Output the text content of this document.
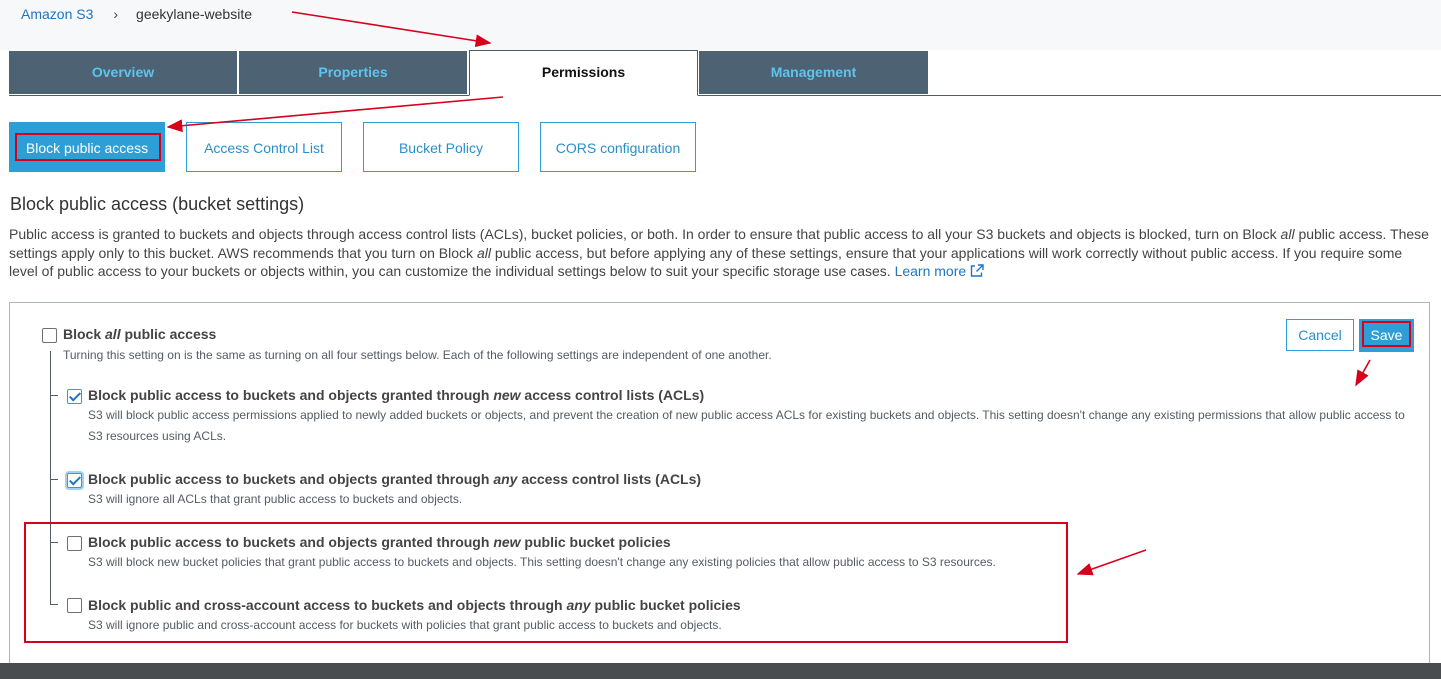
Amazon S3 › geekylane-website
Overview	Properties	Permissions	Management
Block public access	Access Control List	Bucket Policy	CORS configuration
Block public access (bucket settings)
Public access is granted to buckets and objects through access control lists (ACLs), bucket policies, or both. In order to ensure that public access to all your S3 buckets and objects is blocked, turn on Block all public access. These settings apply only to this bucket. AWS recommends that you turn on Block all public access, but before applying any of these settings, ensure that your applications will work correctly without public access. If you require some level of public access to your buckets or objects within, you can customize the individual settings below to suit your specific storage use cases. Learn more
Cancel	Save
Block all public access
Turning this setting on is the same as turning on all four settings below. Each of the following settings are independent of one another.
Block public access to buckets and objects granted through new access control lists (ACLs)
S3 will block public access permissions applied to newly added buckets or objects, and prevent the creation of new public access ACLs for existing buckets and objects. This setting doesn't change any existing permissions that allow public access to S3 resources using ACLs.
Block public access to buckets and objects granted through any access control lists (ACLs)
S3 will ignore all ACLs that grant public access to buckets and objects.
Block public access to buckets and objects granted through new public bucket policies
S3 will block new bucket policies that grant public access to buckets and objects. This setting doesn't change any existing policies that allow public access to S3 resources.
Block public and cross-account access to buckets and objects through any public bucket policies
S3 will ignore public and cross-account access for buckets with policies that grant public access to buckets and objects.
